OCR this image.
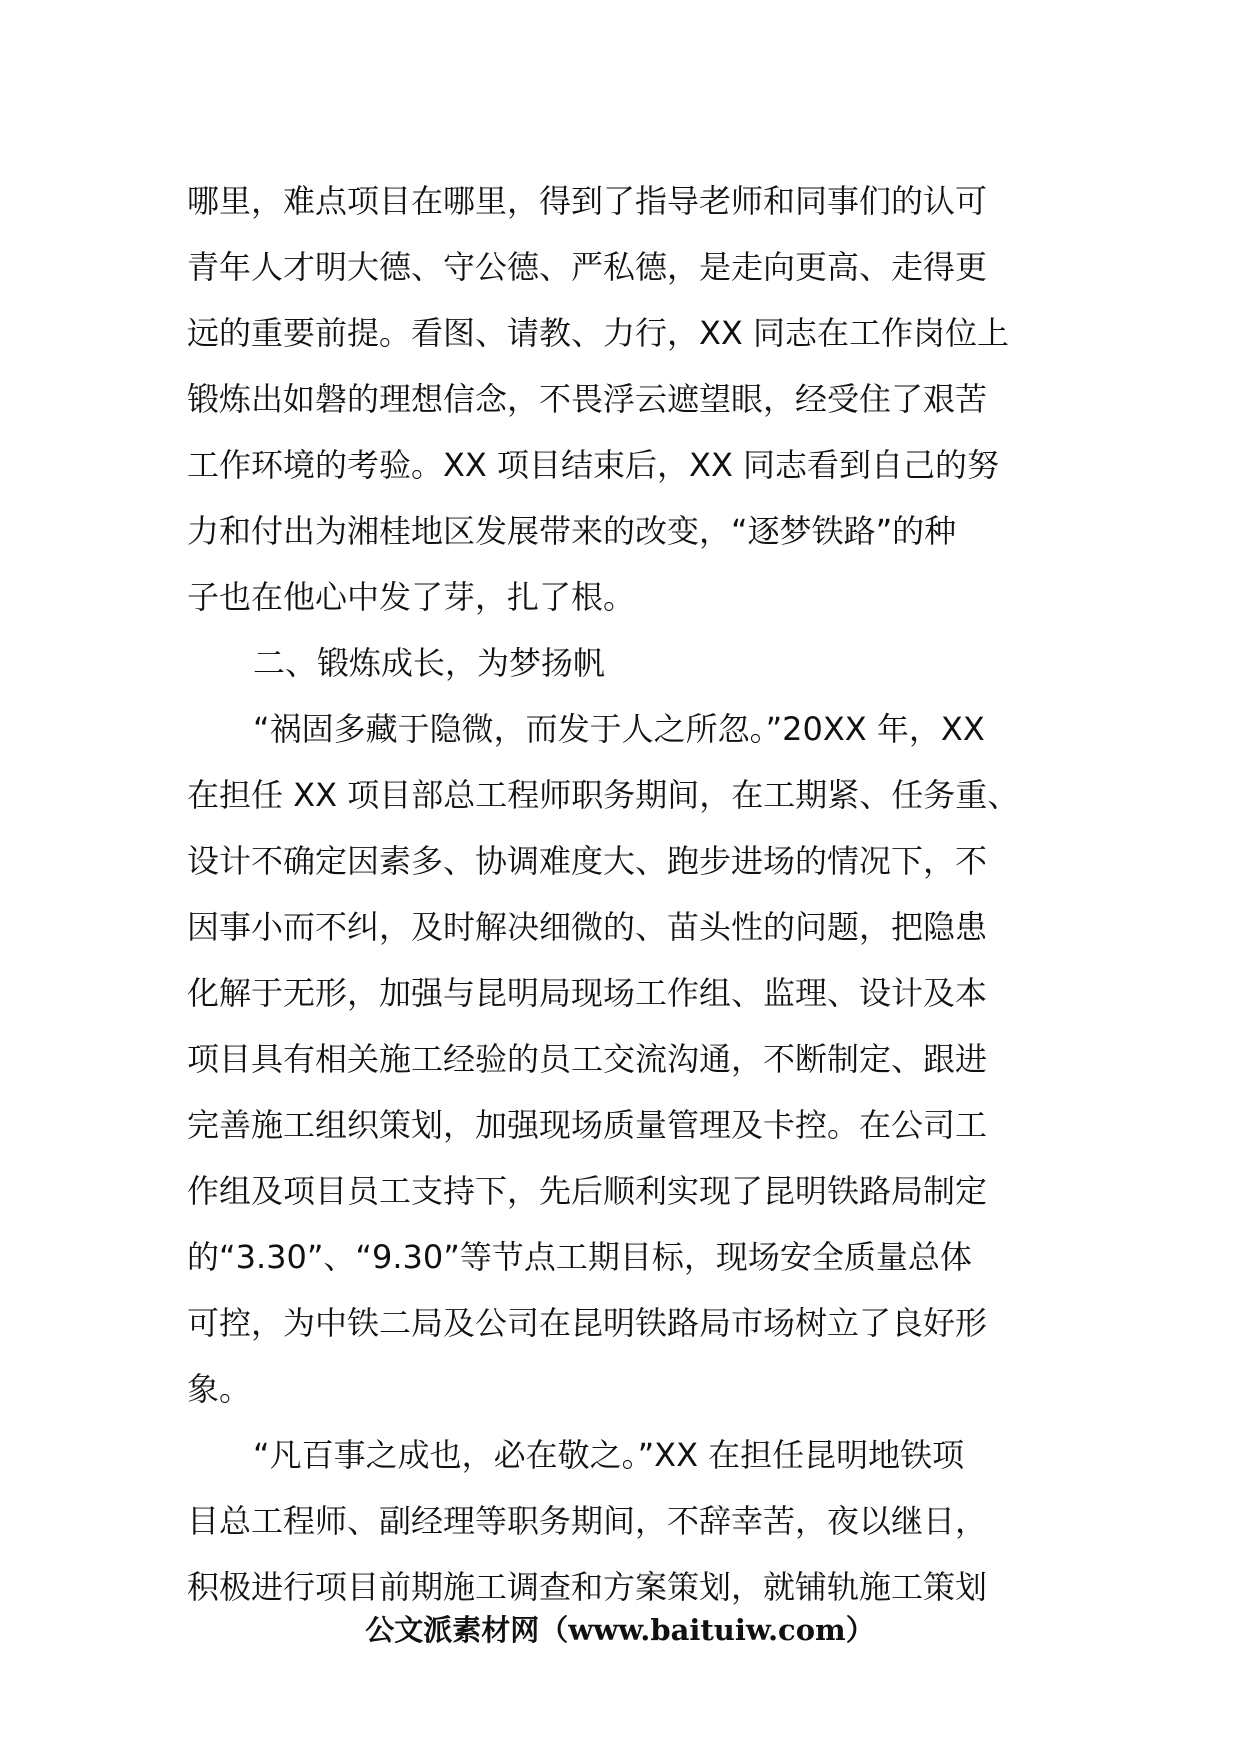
哪里，难点项目在哪里，得到了指导老师和同事们的认可
青年人才明大德、守公德、严私德，是走向更高、走得更
远的重要前提。看图、请教、力行，XX 同志在工作岗位上
锻炼出如磐的理想信念，不畏浮云遮望眼，经受住了艰苦
工作环境的考验。XX 项目结束后，XX 同志看到自己的努
力和付出为湘桂地区发展带来的改变，“逐梦铁路”的种
子也在他心中发了芽，扎了根。
二、锻炼成长，为梦扬帆
“祸固多藏于隐微，而发于人之所忽。”20XX 年，XX
在担任 XX 项目部总工程师职务期间，在工期紧、任务重、
设计不确定因素多、协调难度大、跑步进场的情况下，不
因事小而不纠，及时解决细微的、苗头性的问题，把隐患
化解于无形，加强与昆明局现场工作组、监理、设计及本
项目具有相关施工经验的员工交流沟通，不断制定、跟进
完善施工组织策划，加强现场质量管理及卡控。在公司工
作组及项目员工支持下，先后顺利实现了昆明铁路局制定
的“3.30”、“9.30”等节点工期目标，现场安全质量总体
可控，为中铁二局及公司在昆明铁路局市场树立了良好形
象。
“凡百事之成也，必在敬之。”XX 在担任昆明地铁项
目总工程师、副经理等职务期间，不辞幸苦，夜以继日，
积极进行项目前期施工调查和方案策划，就铺轨施工策划
公文派素材网（www.baituiw.com）
